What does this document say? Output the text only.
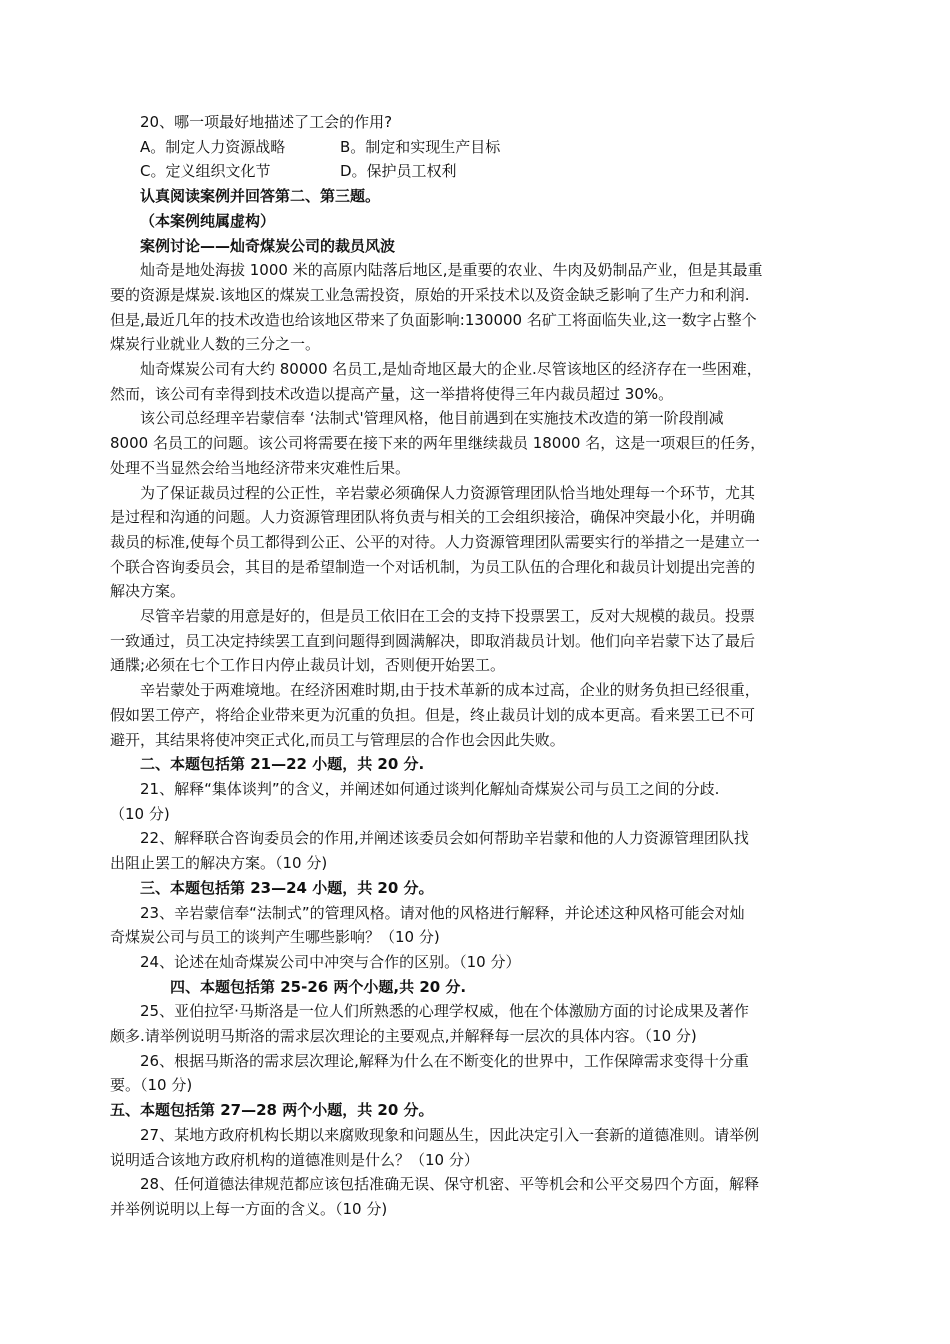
20、哪一项最好地描述了工会的作用?
A。制定人力资源战略	B。制定和实现生产目标
C。定义组织文化节	D。保护员工权利
认真阅读案例并回答第二、第三题。
（本案例纯属虚构）
案例讨论——灿奇煤炭公司的裁员风波
灿奇是地处海拔 1000 米的高原内陆落后地区,是重要的农业、牛肉及奶制品产业，但是其最重
要的资源是煤炭.该地区的煤炭工业急需投资，原始的开采技术以及资金缺乏影响了生产力和利润.
但是,最近几年的技术改造也给该地区带来了负面影响:130000 名矿工将面临失业,这一数字占整个
煤炭行业就业人数的三分之一。
灿奇煤炭公司有大约 80000 名员工,是灿奇地区最大的企业.尽管该地区的经济存在一些困难，
然而，该公司有幸得到技术改造以提高产量，这一举措将使得三年内裁员超过 30%。
该公司总经理辛岩蒙信奉 ‘法制式'管理风格，他目前遇到在实施技术改造的第一阶段削减
8000 名员工的问题。该公司将需要在接下来的两年里继续裁员 18000 名，这是一项艰巨的任务，
处理不当显然会给当地经济带来灾难性后果。
为了保证裁员过程的公正性，辛岩蒙必须确保人力资源管理团队恰当地处理每一个环节，尤其
是过程和沟通的问题。人力资源管理团队将负责与相关的工会组织接洽，确保冲突最小化，并明确
裁员的标准,使每个员工都得到公正、公平的对待。人力资源管理团队需要实行的举措之一是建立一
个联合咨询委员会，其目的是希望制造一个对话机制，为员工队伍的合理化和裁员计划提出完善的
解决方案。
尽管辛岩蒙的用意是好的，但是员工依旧在工会的支持下投票罢工，反对大规模的裁员。投票
一致通过，员工决定持续罢工直到问题得到圆满解决，即取消裁员计划。他们向辛岩蒙下达了最后
通牒;必须在七个工作日内停止裁员计划，否则便开始罢工。
辛岩蒙处于两难境地。在经济困难时期,由于技术革新的成本过高，企业的财务负担已经很重，
假如罢工停产，将给企业带来更为沉重的负担。但是，终止裁员计划的成本更高。看来罢工已不可
避开，其结果将使冲突正式化,而员工与管理层的合作也会因此失败。
二、本题包括第 21—22 小题，共 20 分.
21、解释“集体谈判”的含义，并阐述如何通过谈判化解灿奇煤炭公司与员工之间的分歧.
（10 分)
22、解释联合咨询委员会的作用,并阐述该委员会如何帮助辛岩蒙和他的人力资源管理团队找
出阻止罢工的解决方案。（10 分)
三、本题包括第 23—24 小题，共 20 分。
23、辛岩蒙信奉“法制式”的管理风格。请对他的风格进行解释，并论述这种风格可能会对灿
奇煤炭公司与员工的谈判产生哪些影响？（10 分)
24、论述在灿奇煤炭公司中冲突与合作的区别。（10 分）
四、本题包括第 25-26 两个小题,共 20 分.
25、亚伯拉罕·马斯洛是一位人们所熟悉的心理学权威，他在个体激励方面的讨论成果及著作
颇多.请举例说明马斯洛的需求层次理论的主要观点,并解释每一层次的具体内容。（10 分)
26、根据马斯洛的需求层次理论,解释为什么在不断变化的世界中，工作保障需求变得十分重
要。（10 分)
五、本题包括第 27—28 两个小题，共 20 分。
27、某地方政府机构长期以来腐败现象和问题丛生，因此决定引入一套新的道德准则。请举例
说明适合该地方政府机构的道德准则是什么？（10 分）
28、任何道德法律规范都应该包括准确无误、保守机密、平等机会和公平交易四个方面，解释
并举例说明以上每一方面的含义。（10 分)
